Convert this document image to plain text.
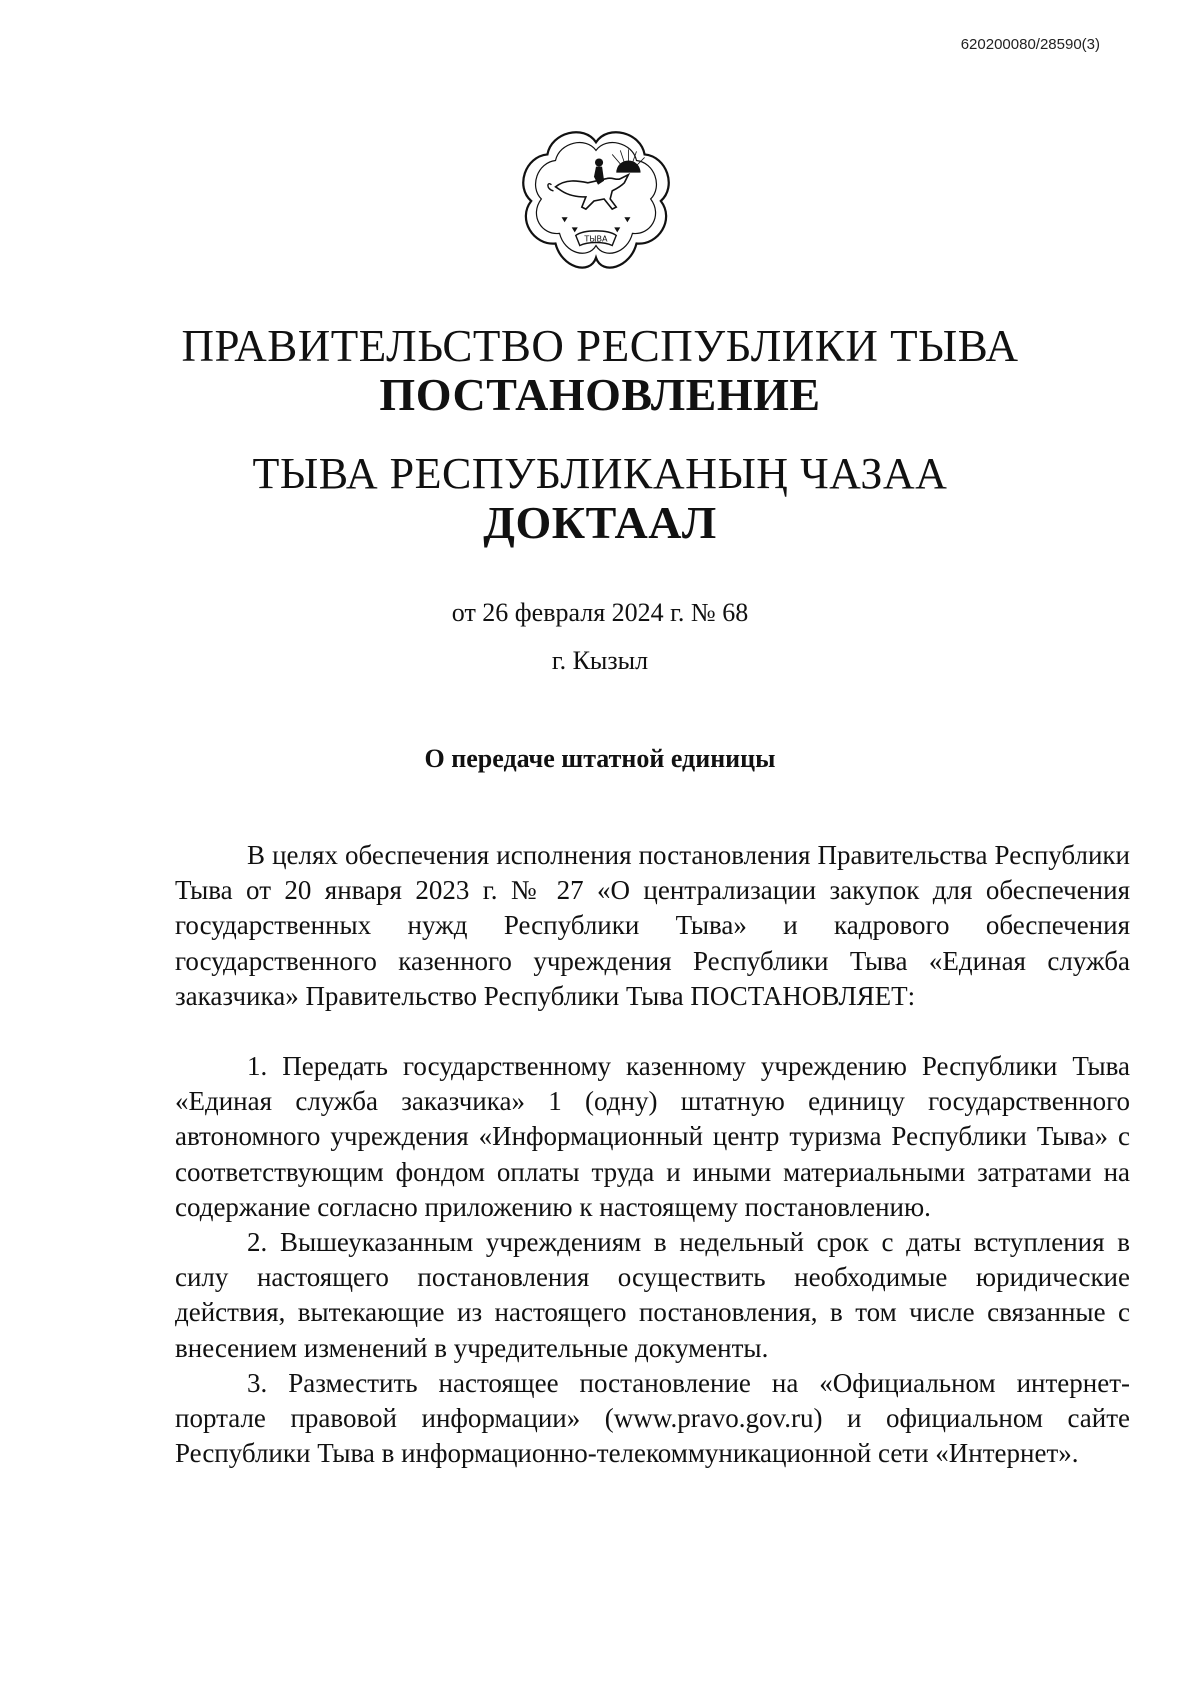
620200080/28590(3)
ТЫВА
ПРАВИТЕЛЬСТВО РЕСПУБЛИКИ ТЫВА
ПОСТАНОВЛЕНИЕ
ТЫВА РЕСПУБЛИКАНЫҢ ЧАЗАА
ДОКТААЛ
от 26 февраля 2024 г. № 68
г. Кызыл
О передаче штатной единицы

В целях обеспечения исполнения постановления Правительства Республики Тыва от 20 января 2023 г. № 27 «О централизации закупок для обеспечения государственных нужд Республики Тыва» и кадрового обеспечения государственного казенного учреждения Республики Тыва «Единая служба заказчика» Правительство Республики Тыва ПОСТАНОВЛЯЕТ:

1. Передать государственному казенному учреждению Республики Тыва «Единая служба заказчика» 1 (одну) штатную единицу государственного автономного учреждения «Информационный центр туризма Республики Тыва» с соответствующим фондом оплаты труда и иными материальными затратами на содержание согласно приложению к настоящему постановлению.

2. Вышеуказанным учреждениям в недельный срок с даты вступления в силу настоящего постановления осуществить необходимые юридические действия, вытекающие из настоящего постановления, в том числе связанные с внесением изменений в учредительные документы.

3. Разместить настоящее постановление на «Официальном интернет-портале правовой информации» (www.pravo.gov.ru) и официальном сайте Республики Тыва в информационно-телекоммуникационной сети «Интернет».
